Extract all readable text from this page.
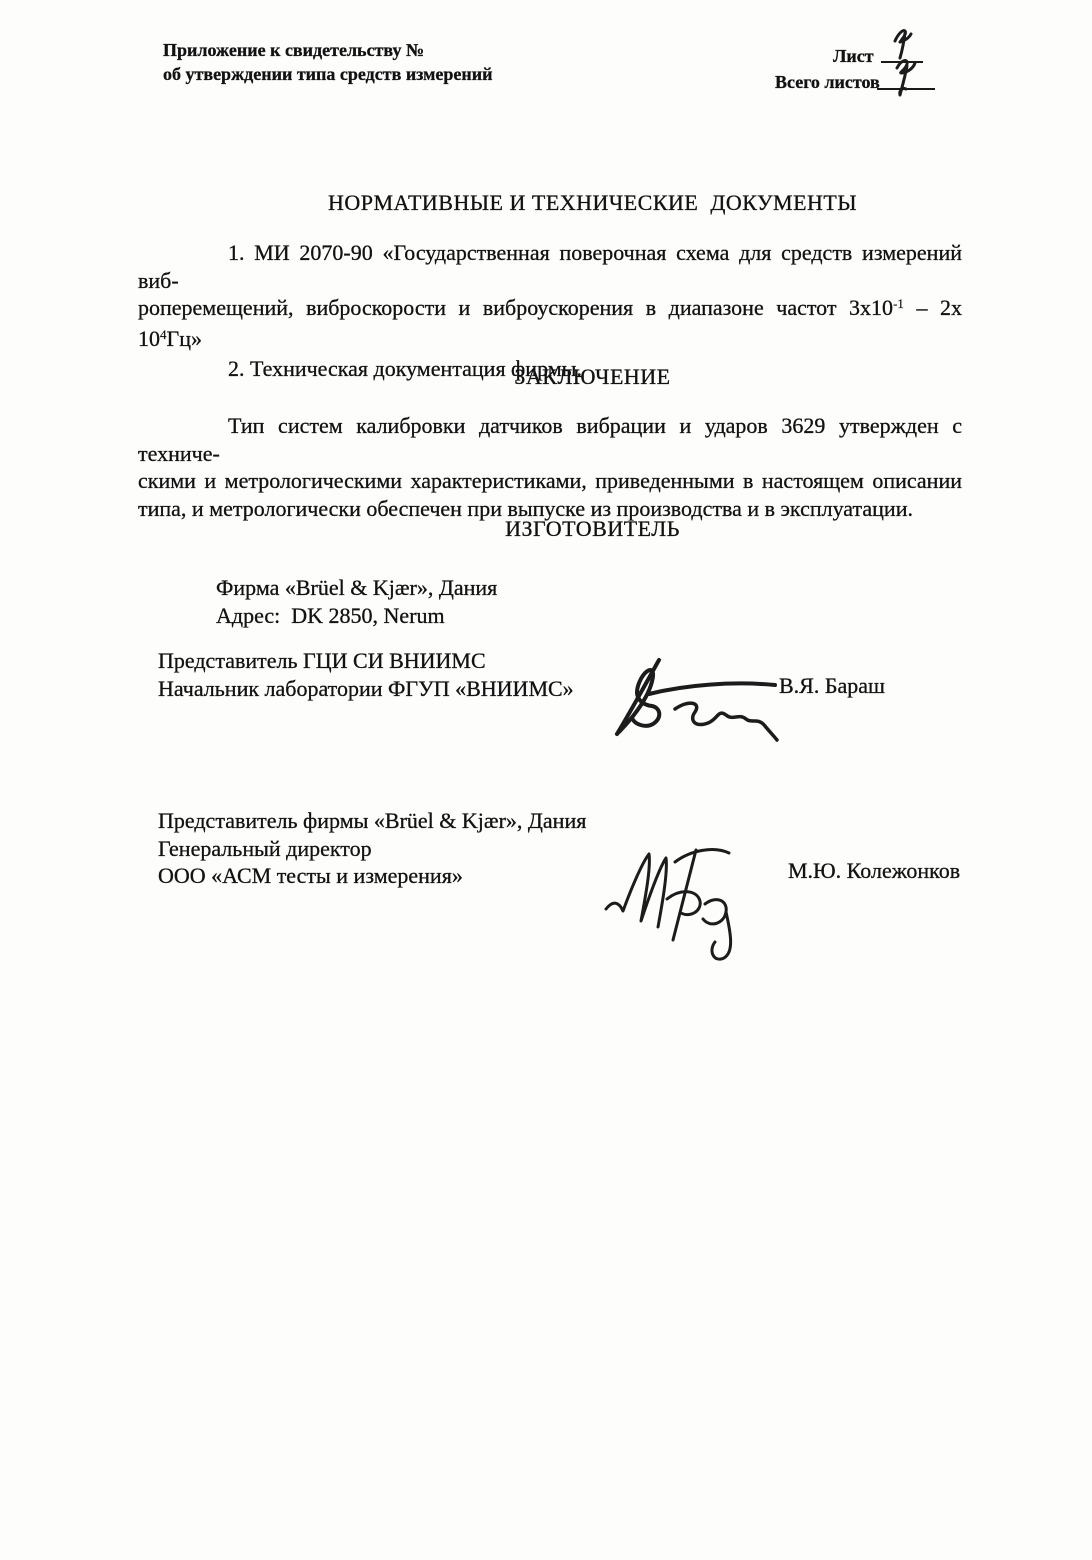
Приложение к свидетельству №
об утверждении типа средств измерений
Лист
Всего листов
НОРМАТИВНЫЕ И ТЕХНИЧЕСКИЕ  ДОКУМЕНТЫ
1. МИ 2070-90 «Государственная поверочная схема для средств измерений виб-
роперемещений, виброскорости и виброускорения в диапазоне частот $3х10^{-1} - 2х$
$10^4Гц$»
2. Техническая документация фирмы.
ЗАКЛЮЧЕНИЕ
Тип систем калибровки датчиков вибрации и ударов 3629 утвержден с техниче-
скими и метрологическими характеристиками, приведенными в настоящем описании
типа, и метрологически обеспечен при выпуске из производства и в эксплуатации.
ИЗГОТОВИТЕЛЬ
Фирма «Brüel & Kjær», Дания
Адрес:  DK 2850, Nerum
Представитель ГЦИ СИ ВНИИМС
Начальник лаборатории ФГУП «ВНИИМС»	В.Я. Бараш
Представитель фирмы «Brüel & Kjær», Дания
Генеральный директор
ООО «АСМ тесты и измерения»	М.Ю. Колежонков
